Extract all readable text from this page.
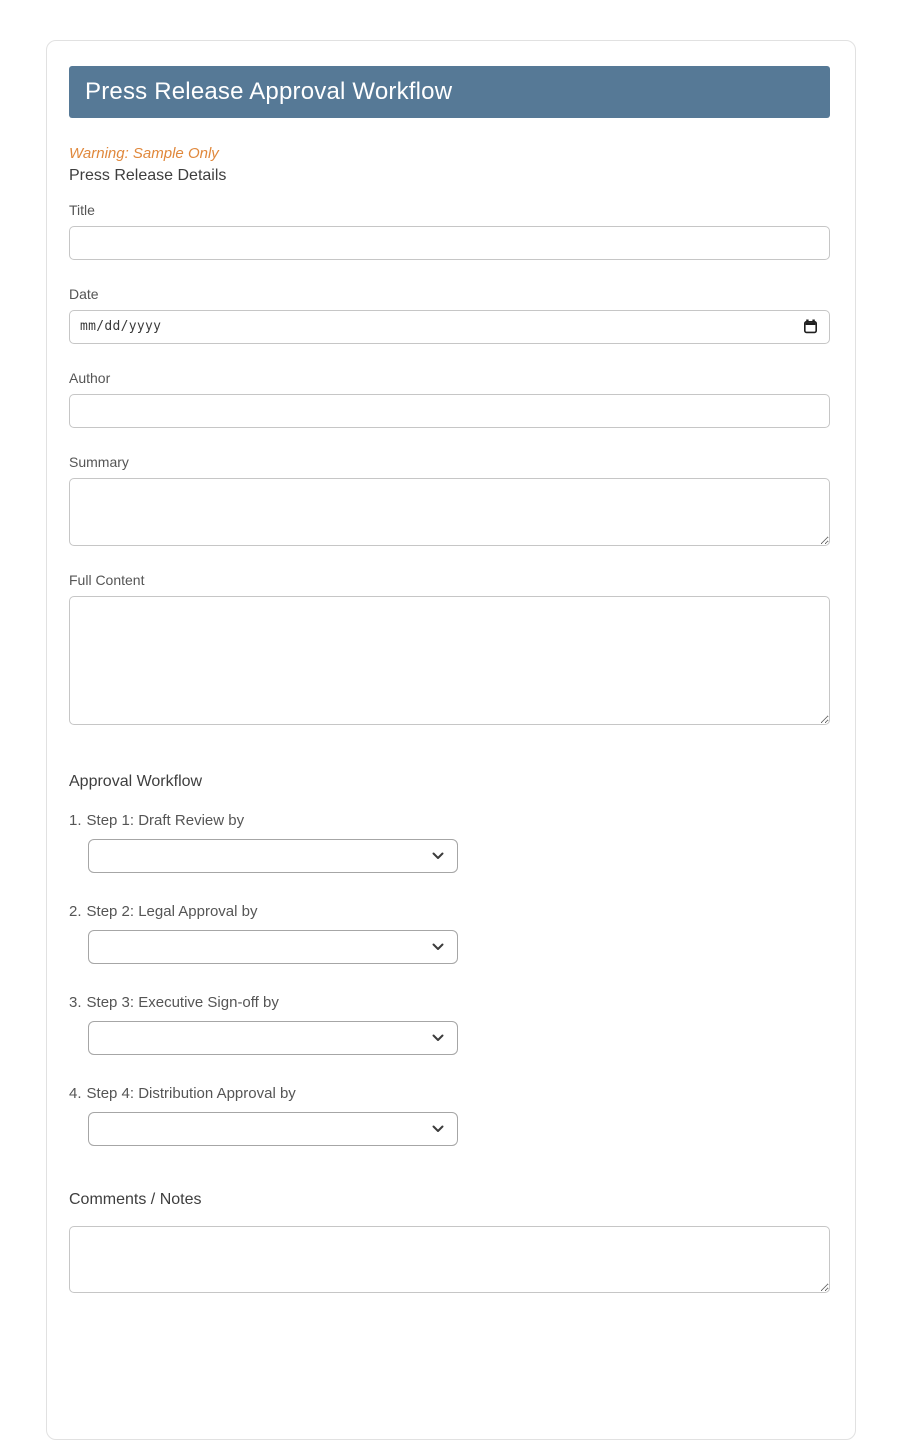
Press Release Approval Workflow
Warning: Sample Only
Press Release Details
Title
Date
mm/dd/yyyy
Author
Summary
Full Content
Approval Workflow
1. Step 1: Draft Review by
2. Step 2: Legal Approval by
3. Step 3: Executive Sign-off by
4. Step 4: Distribution Approval by
Comments / Notes
